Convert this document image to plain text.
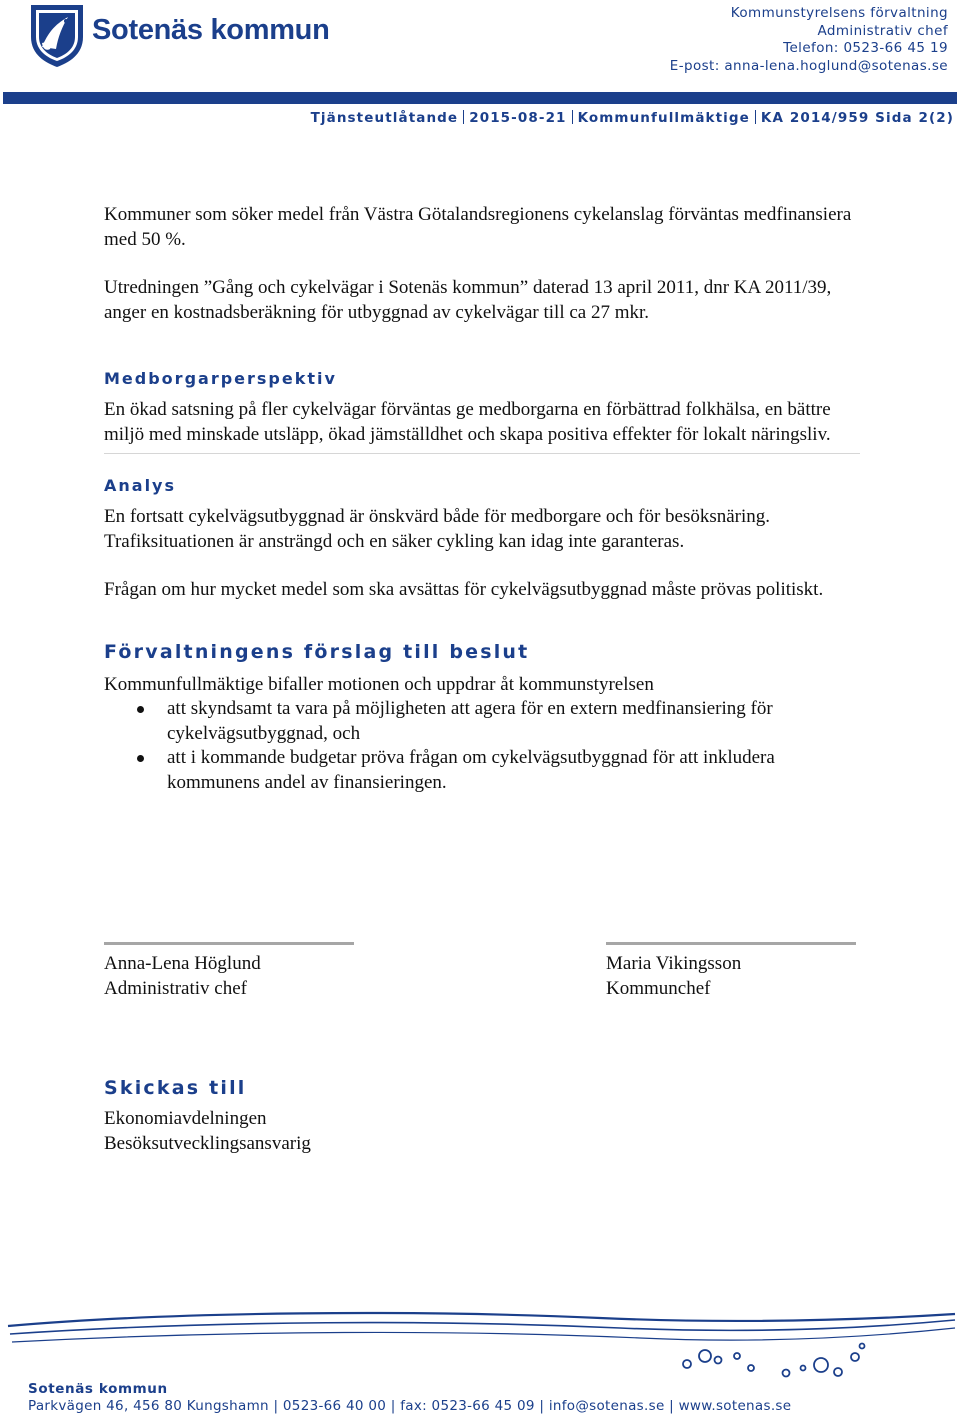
Sotenäs kommun
Kommunstyrelsens förvaltning
Administrativ chef
Telefon: 0523-66 45 19
E-post: anna-lena.hoglund@sotenas.se
Tjänsteutlåtande 2015-08-21 Kommunfullmäktige KA 2014/959 Sida 2(2)

Kommuner som söker medel från Västra Götalandsregionens cykelanslag förväntas medfinansiera med 50 %.

Utredningen ”Gång och cykelvägar i Sotenäs kommun” daterad 13 april 2011, dnr KA 2011/39, anger en kostnadsberäkning för utbyggnad av cykelvägar till ca 27 mkr.

Medborgarperspektiv

En ökad satsning på fler cykelvägar förväntas ge medborgarna en förbättrad folkhälsa, en bättre miljö med minskade utsläpp, ökad jämställdhet och skapa positiva effekter för lokalt näringsliv.

Analys

En fortsatt cykelvägsutbyggnad är önskvärd både för medborgare och för besöksnäring. Trafiksituationen är ansträngd och en säker cykling kan idag inte garanteras.

Frågan om hur mycket medel som ska avsättas för cykelvägsutbyggnad måste prövas politiskt.

Förvaltningens förslag till beslut

Kommunfullmäktige bifaller motionen och uppdrar åt kommunstyrelsen

att skyndsamt ta vara på möjligheten att agera för en extern medfinansiering för cykelvägsutbyggnad, och
att i kommande budgetar pröva frågan om cykelvägsutbyggnad för att inkludera kommunens andel av finansieringen.
Anna-Lena Höglund
Administrativ chef
Maria Vikingsson
Kommunchef
Skickas till
Ekonomiavdelningen
Besöksutvecklingsansvarig
Sotenäs kommun
Parkvägen 46, 456 80 Kungshamn | 0523-66 40 00 | fax: 0523-66 45 09 | info@sotenas.se | www.sotenas.se
